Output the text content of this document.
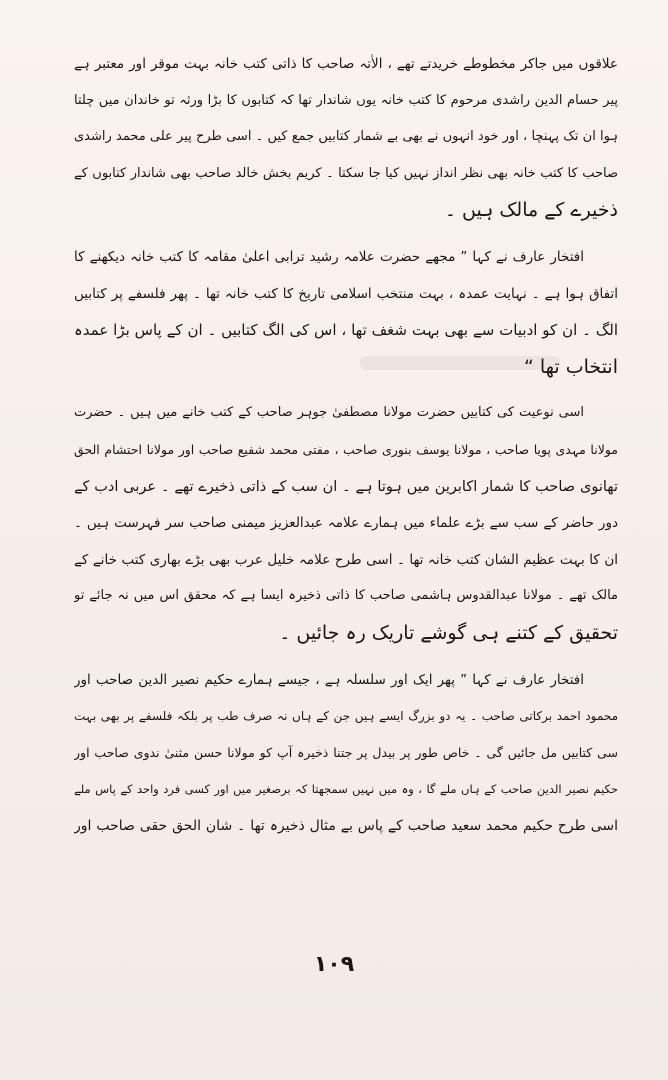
علاقوں میں جاکر مخطوطے خریدتے تھے ، الاٰتہ صاحب کا ذاتی کتب خانہ بہت موقر اور معتبر ہے
پیر حسام الدین راشدی مرحوم کا کتب خانہ یوں شاندار تھا کہ کتابوں کا بڑا ورثہ تو خاندان میں چلتا
ہوا ان تک پہنچا ، اور خود انہوں نے بھی بے شمار کتابیں جمع کیں ۔ اسی طرح پیر علی محمد راشدی
صاحب کا کتب خانہ بھی نظر انداز نہیں کیا جا سکتا ۔ کریم بخش خالد صاحب بھی شاندار کتابوں کے
ذخیرے کے مالک ہیں ۔
افتخار عارف نے کہا ” مجھے حضرت علامہ رشید ترابی اعلیٰ مقامہ کا کتب خانہ دیکھنے کا
اتفاق ہوا ہے ۔ نہایت عمدہ ، بہت منتخب اسلامی تاریخ کا کتب خانہ تھا ۔ پھر فلسفے پر کتابیں
الگ ۔ ان کو ادبیات سے بھی بہت شغف تھا ، اس کی الگ کتابیں ۔ ان کے پاس بڑا عمدہ
انتخاب تھا “
اسی نوعیت کی کتابیں حضرت مولانا مصطفیٰ جوہر صاحب کے کتب خانے میں ہیں ۔ حضرت
مولانا مہدی پویا صاحب ، مولانا یوسف بنوری صاحب ، مفتی محمد شفیع صاحب اور مولانا احتشام الحق
تھانوی صاحب کا شمار اکابرین میں ہوتا ہے ۔ ان سب کے ذاتی ذخیرے تھے ۔ عربی ادب کے
دور حاضر کے سب سے بڑے علماء میں ہمارے علامہ عبدالعزیز میمنی صاحب سر فہرست ہیں ۔
ان کا بہت عظیم الشان کتب خانہ تھا ۔ اسی طرح علامہ خلیل عرب بھی بڑے بھاری کتب خانے کے
مالک تھے ۔ مولانا عبدالقدوس ہاشمی صاحب کا ذاتی ذخیرہ ایسا ہے کہ محقق اس میں نہ جائے تو
تحقیق کے کتنے ہی گوشے تاریک رہ جائیں ۔
افتخار عارف نے کہا ” پھر ایک اور سلسلہ ہے ، جیسے ہمارے حکیم نصیر الدین صاحب اور
محمود احمد برکاتی صاحب ۔ یہ دو بزرگ ایسے ہیں جن کے ہاں نہ صرف طب پر بلکہ فلسفے پر بھی بہت
سی کتابیں مل جائیں گی ۔ خاص طور پر بیدل پر جتنا ذخیرہ آپ کو مولانا حسن مثنیٰ ندوی صاحب اور
حکیم نصیر الدین صاحب کے ہاں ملے گا ، وہ میں نہیں سمجھتا کہ برصغیر میں اور کسی فرد واحد کے پاس ملے
اسی طرح حکیم محمد سعید صاحب کے پاس بے مثال ذخیرہ تھا ۔ شان الحق حقی صاحب اور
۱۰۹
